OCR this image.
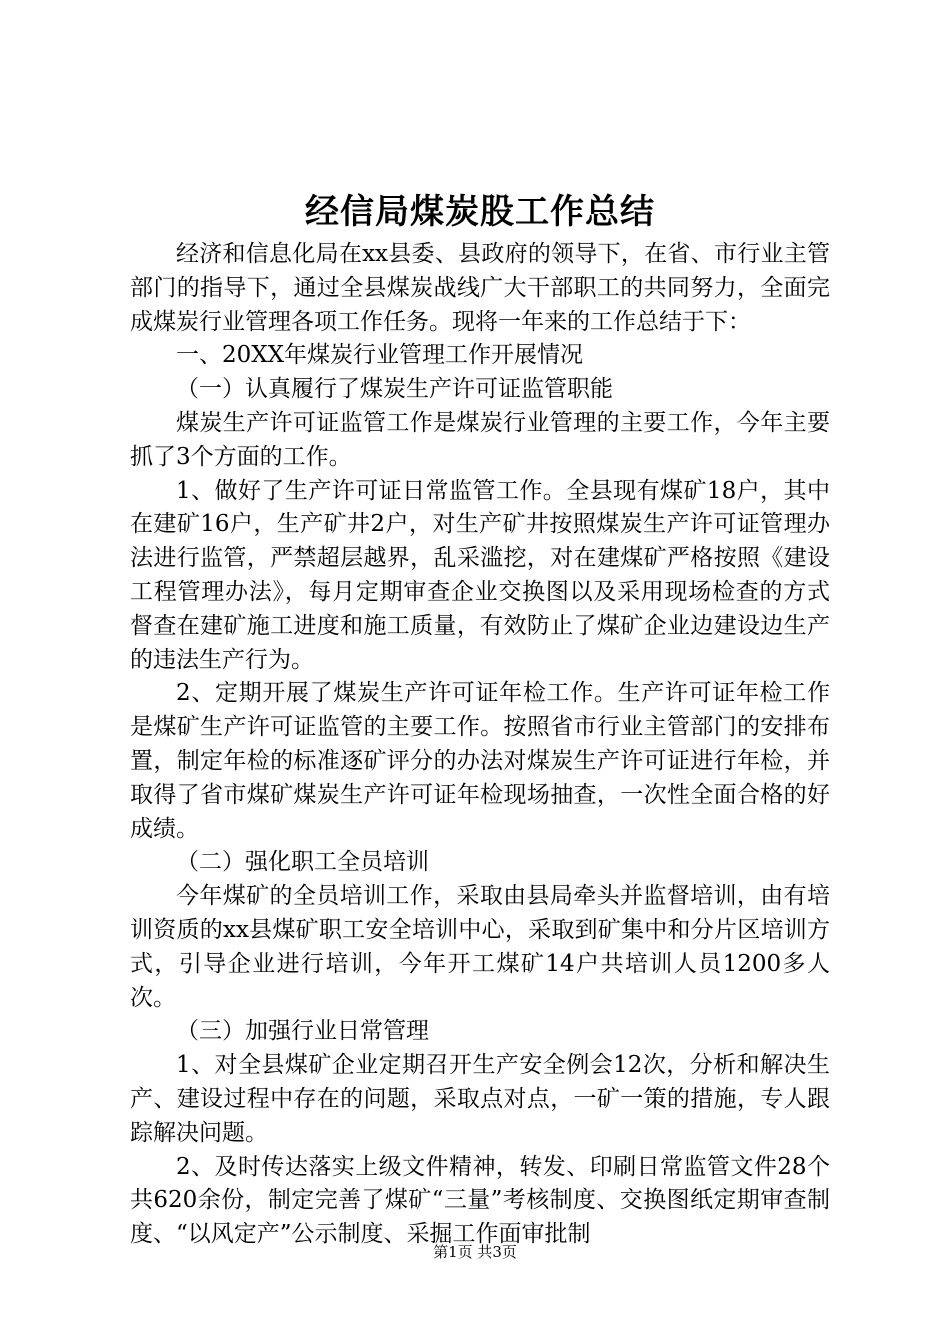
经信局煤炭股工作总结

经济和信息化局在xx县委、县政府的领导下，在省、市行业主管部门的指导下，通过全县煤炭战线广大干部职工的共同努力，全面完成煤炭行业管理各项工作任务。现将一年来的工作总结于下：

一、20XX年煤炭行业管理工作开展情况

（一）认真履行了煤炭生产许可证监管职能

煤炭生产许可证监管工作是煤炭行业管理的主要工作，今年主要抓了3个方面的工作。

1、做好了生产许可证日常监管工作。全县现有煤矿18户，其中在建矿16户，生产矿井2户，对生产矿井按照煤炭生产许可证管理办法进行监管，严禁超层越界，乱采滥挖，对在建煤矿严格按照《建设工程管理办法》，每月定期审查企业交换图以及采用现场检查的方式督查在建矿施工进度和施工质量，有效防止了煤矿企业边建设边生产的违法生产行为。

2、定期开展了煤炭生产许可证年检工作。生产许可证年检工作是煤矿生产许可证监管的主要工作。按照省市行业主管部门的安排布置，制定年检的标准逐矿评分的办法对煤炭生产许可证进行年检，并取得了省市煤矿煤炭生产许可证年检现场抽查，一次性全面合格的好成绩。

（二）强化职工全员培训

今年煤矿的全员培训工作，采取由县局牵头并监督培训，由有培训资质的xx县煤矿职工安全培训中心，采取到矿集中和分片区培训方式，引导企业进行培训，今年开工煤矿14户共培训人员1200多人次。

（三）加强行业日常管理

1、对全县煤矿企业定期召开生产安全例会12次，分析和解决生产、建设过程中存在的问题，采取点对点，一矿一策的措施，专人跟踪解决问题。

2、及时传达落实上级文件精神，转发、印刷日常监管文件28个共620余份，制定完善了煤矿“三量”考核制度、交换图纸定期审查制度、“以风定产”公示制度、采掘工作面审批制

第1页 共3页
